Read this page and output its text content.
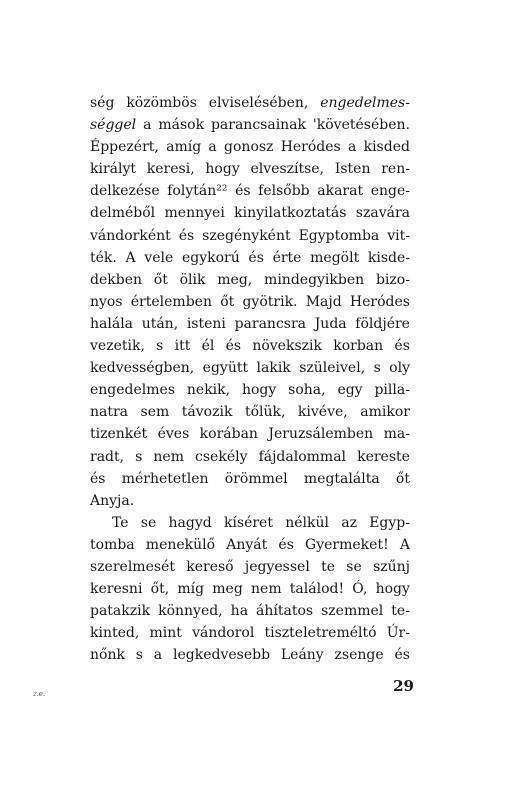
ség közömbös elviselésében, engedelmes-
séggel a mások parancsainak 'követésében.
Éppezért, amíg a gonosz Heródes a kisded
királyt keresi, hogy elveszítse, Isten ren-
delkezése folytán²² és felsőbb akarat enge-
delméből mennyei kinyilatkoztatás szavára
vándorként és szegényként Egyptomba vit-
ték. A vele egykorú és érte megölt kisde-
dekben őt ölik meg, mindegyikben bizo-
nyos értelemben őt gyötrik. Majd Heródes
halála után, isteni parancsra Juda földjére
vezetik, s itt él és növekszik korban és
kedvességben, együtt lakik szüleivel, s oly
engedelmes nekik, hogy soha, egy pilla-
natra sem távozik tőlük, kivéve, amikor
tizenkét éves korában Jeruzsálemben ma-
radt, s nem csekély fájdalommal kereste
és mérhetetlen örömmel megtalálta őt
Anyja.
Te se hagyd kíséret nélkül az Egyp-
tomba menekülő Anyát és Gyermeket! A
szerelmesét kereső jegyessel te se szűnj
keresni őt, míg meg nem találod! Ó, hogy
patakzik könnyed, ha áhítatos szemmel te-
kinted, mint vándorol tiszteletreméltó Úr-
nőnk s a legkedvesebb Leány zsenge és
z.e.	29
